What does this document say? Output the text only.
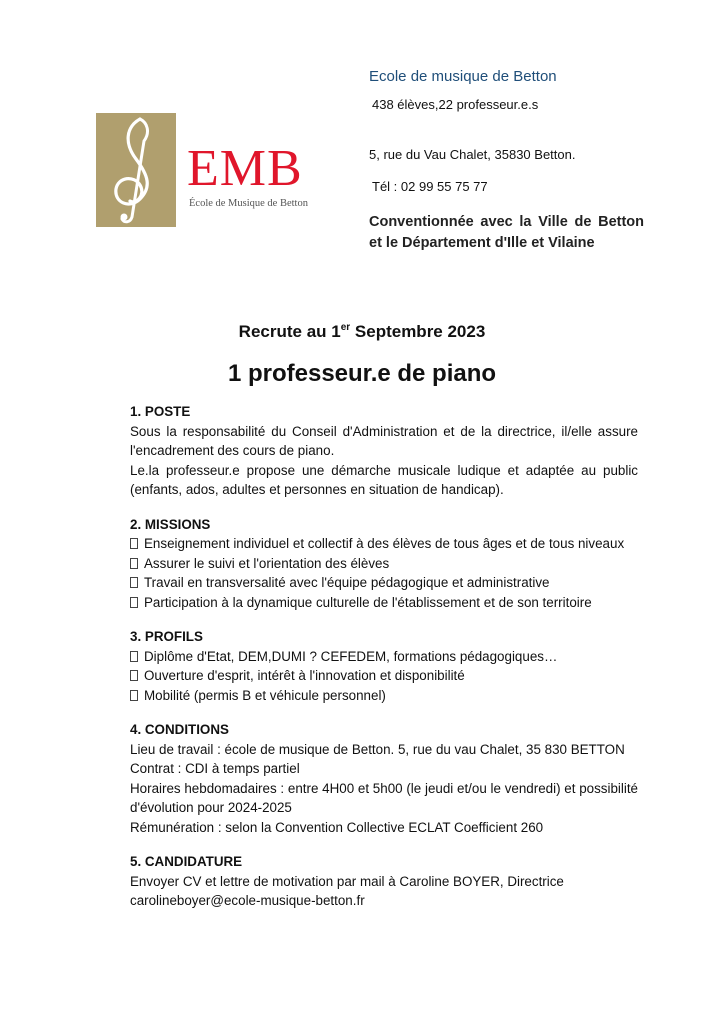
EMB
École de Musique de Betton
Ecole de musique de Betton
438 élèves,22 professeur.e.s
5, rue du Vau Chalet, 35830 Betton.
Tél : 02 99 55 75 77
Conventionnée avec la Ville de Betton et le Département d'Ille et Vilaine
Recrute au 1er Septembre 2023
1 professeur.e de piano
1. POSTE

Sous la responsabilité du Conseil d'Administration et de la directrice, il/elle assure l'encadrement des cours de piano.

Le.la professeur.e propose une démarche musicale ludique et adaptée au public (enfants, ados, adultes et personnes en situation de handicap).

2. MISSIONS

Enseignement individuel et collectif à des élèves de tous âges et de tous niveaux

Assurer le suivi et l'orientation des élèves

Travail en transversalité avec l'équipe pédagogique et administrative

Participation à la dynamique culturelle de l'établissement et de son territoire

3. PROFILS

Diplôme d'Etat, DEM,DUMI ? CEFEDEM, formations pédagogiques…

Ouverture d'esprit, intérêt à l'innovation et disponibilité

Mobilité (permis B et véhicule personnel)

4. CONDITIONS

Lieu de travail : école de musique de Betton. 5, rue du vau Chalet, 35 830 BETTON

Contrat : CDI à temps partiel

Horaires hebdomadaires : entre 4H00 et 5h00 (le jeudi et/ou le vendredi) et possibilité d'évolution pour 2024-2025

Rémunération : selon la Convention Collective ECLAT Coefficient 260

5. CANDIDATURE

Envoyer CV et lettre de motivation par mail à Caroline BOYER, Directrice

carolineboyer@ecole-musique-betton.fr
